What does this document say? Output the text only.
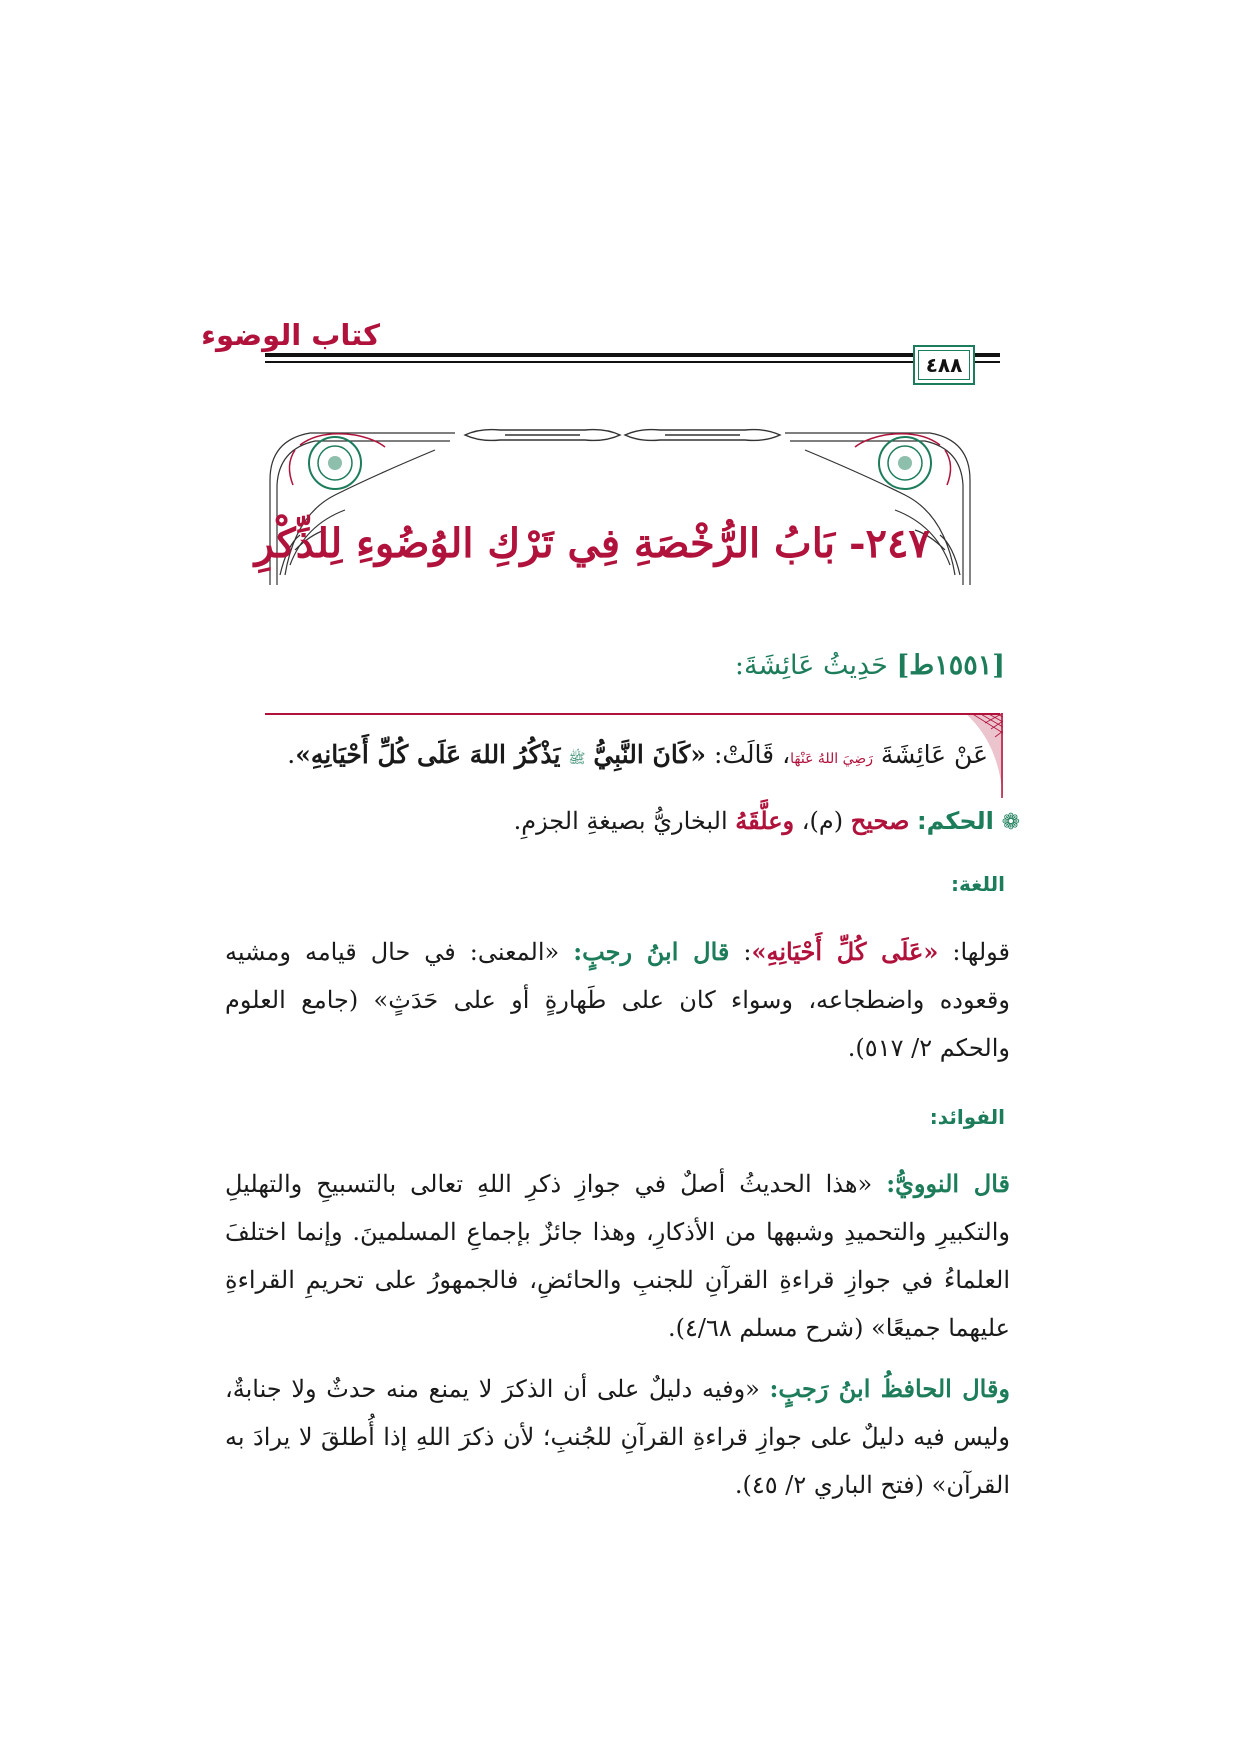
كتاب الوضوء
٤٨٨
٢٤٧- بَابُ الرُّخْصَةِ فِي تَرْكِ الوُضُوءِ لِلذِّكْرِ
[١٥٥١ط] حَدِيثُ عَائِشَةَ:
عَنْ عَائِشَةَ رَضِيَ اللهُ عَنْهَا، قَالَتْ: «كَانَ النَّبِيُّ ﷺ يَذْكُرُ اللهَ عَلَى كُلِّ أَحْيَانِهِ».
❁ الحكم: صحيح (م)، وعلَّقَهُ البخاريُّ بصيغةِ الجزمِ.
اللغة:
قولها: «عَلَى كُلِّ أَحْيَانِهِ»: قال ابنُ رجبٍ: «المعنى: في حال قيامه ومشيه وقعوده واضطجاعه، وسواء كان على طَهارةٍ أو على حَدَثٍ» (جامع العلوم والحكم ٢/ ٥١٧).
الفوائد:
قال النوويُّ: «هذا الحديثُ أصلٌ في جوازِ ذكرِ اللهِ تعالى بالتسبيحِ والتهليلِ والتكبيرِ والتحميدِ وشبهها من الأذكارِ، وهذا جائزٌ بإجماعِ المسلمينَ. وإنما اختلفَ العلماءُ في جوازِ قراءةِ القرآنِ للجنبِ والحائضِ، فالجمهورُ على تحريمِ القراءةِ عليهما جميعًا» (شرح مسلم ٤/٦٨).
وقال الحافظُ ابنُ رَجبٍ: «وفيه دليلٌ على أن الذكرَ لا يمنع منه حدثٌ ولا جنابةٌ، وليس فيه دليلٌ على جوازِ قراءةِ القرآنِ للجُنبِ؛ لأن ذكرَ اللهِ إذا أُطلقَ لا يرادَ به القرآن» (فتح الباري ٢/ ٤٥).
